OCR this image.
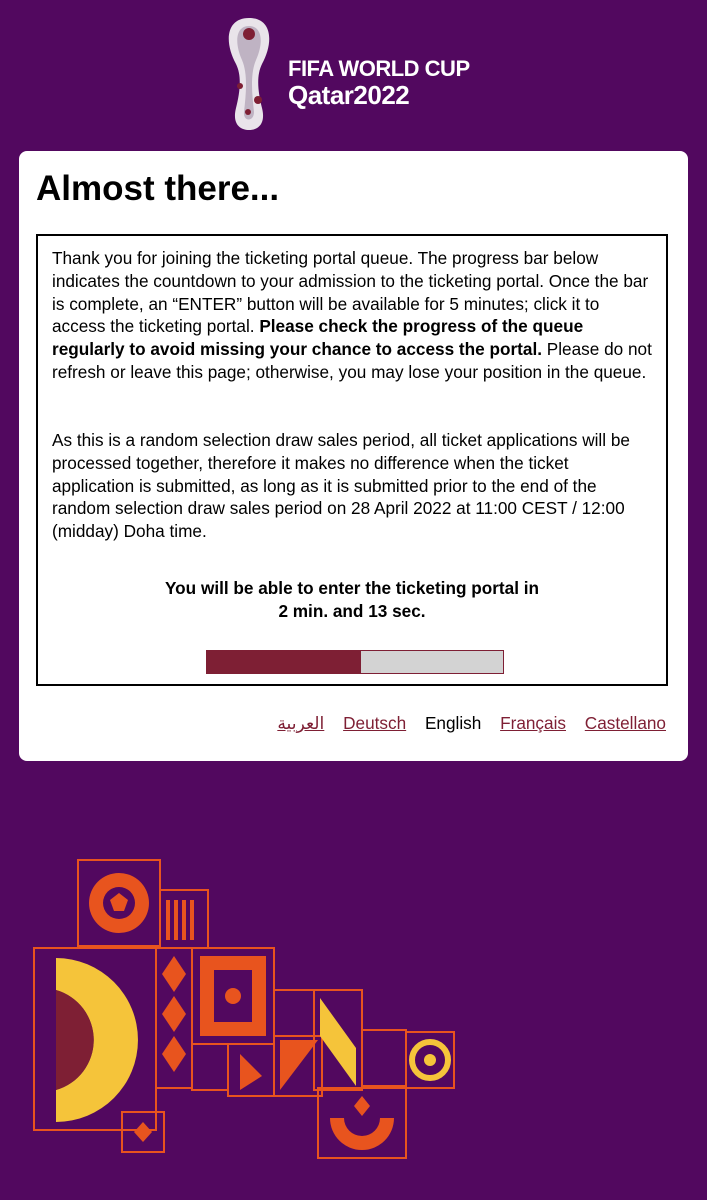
FIFA WORLD CUP
Qatar2022
Almost there...

Thank you for joining the ticketing portal queue. The progress bar below indicates the countdown to your admission to the ticketing portal. Once the bar is complete, an “ENTER” button will be available for 5 minutes; click it to access the ticketing portal. Please check the progress of the queue regularly to avoid missing your chance to access the portal. Please do not refresh or leave this page; otherwise, you may lose your position in the queue.

As this is a random selection draw sales period, all ticket applications will be processed together, therefore it makes no difference when the ticket application is submitted, as long as it is submitted prior to the end of the random selection draw sales period on 28 April 2022 at 11:00 CEST / 12:00 (midday) Doha time.

You will be able to enter the ticketing portal in
2 min. and 13 sec.
العربية Deutsch English Français Castellano
